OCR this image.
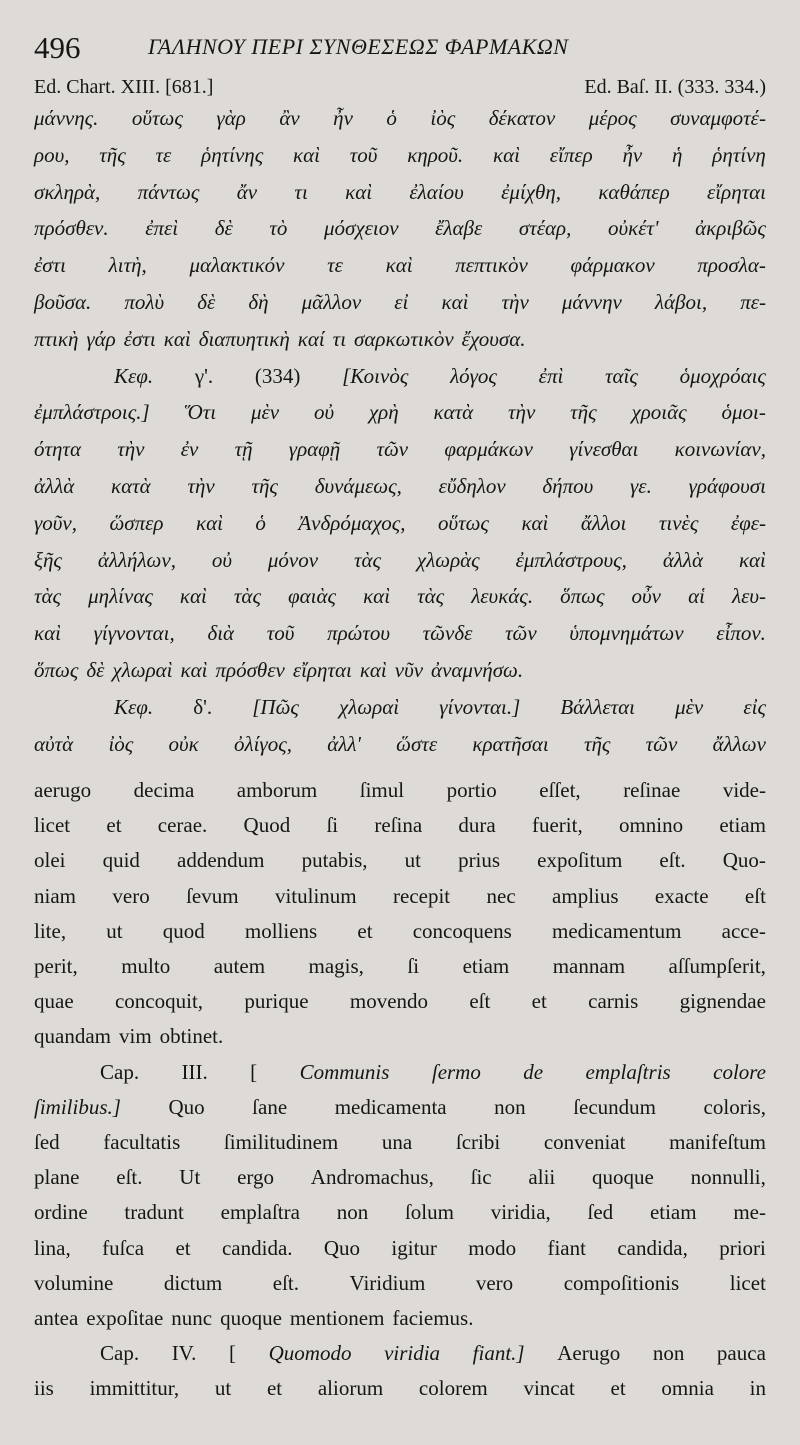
496	ΓΑΛΗΝΟΥ ΠΕΡΙ ΣΥΝΘΕΣΕΩΣ ΦΑΡΜΑΚΩΝ
Ed. Chart. XIII. [681.]	Ed. Baſ. II. (333. 334.)
μάννης. οὕτως γὰρ ἂν ἦν ὁ ἰὸς δέκατον μέρος συναμφοτέ-
ρου, τῆς τε ῥητίνης καὶ τοῦ κηροῦ. καὶ εἴπερ ἦν ἡ ῥητίνη
σκληρὰ, πάντως ἄν τι καὶ ἐλαίου ἐμίχθη, καθάπερ εἴρηται
πρόσθεν. ἐπεὶ δὲ τὸ μόσχειον ἔλαβε στέαρ, οὐκέτ' ἀκριβῶς
ἐστι λιτὴ, μαλακτικόν τε καὶ πεπτικὸν φάρμακον προσλα-
βοῦσα. πολὺ δὲ δὴ μᾶλλον εἰ καὶ τὴν μάννην λάβοι, πε-
πτικὴ γάρ ἐστι καὶ διαπυητικὴ καί τι σαρκωτικὸν ἔχουσα.
Κεφ. γ'. (334) [Κοινὸς λόγος ἐπὶ ταῖς ὁμοχρόαις
ἐμπλάστροις.] Ὅτι μὲν οὐ χρὴ κατὰ τὴν τῆς χροιᾶς ὁμοι-
ότητα τὴν ἐν τῇ γραφῇ τῶν φαρμάκων γίνεσθαι κοινωνίαν,
ἀλλὰ κατὰ τὴν τῆς δυνάμεως, εὔδηλον δήπου γε. γράφουσι
γοῦν, ὥσπερ καὶ ὁ Ἀνδρόμαχος, οὕτως καὶ ἄλλοι τινὲς ἐφε-
ξῆς ἀλλήλων, οὐ μόνον τὰς χλωρὰς ἐμπλάστρους, ἀλλὰ καὶ
τὰς μηλίνας καὶ τὰς φαιὰς καὶ τὰς λευκάς. ὅπως οὖν αἱ λευ-
καὶ γίγνονται, διὰ τοῦ πρώτου τῶνδε τῶν ὑπομνημάτων εἶπον.
ὅπως δὲ χλωραὶ καὶ πρόσθεν εἴρηται καὶ νῦν ἀναμνήσω.
Κεφ. δ'. [Πῶς χλωραὶ γίνονται.] Βάλλεται μὲν εἰς
αὐτὰ ἰὸς οὐκ ὀλίγος, ἀλλ' ὥστε κρατῆσαι τῆς τῶν ἄλλων
aerugo decima amborum ſimul portio eſſet, reſinae vide-
licet et cerae. Quod ſi reſina dura fuerit, omnino etiam
olei quid addendum putabis, ut prius expoſitum eſt. Quo-
niam vero ſevum vitulinum recepit nec amplius exacte eſt
lite, ut quod molliens et concoquens medicamentum acce-
perit, multo autem magis, ſi etiam mannam aſſumpſerit,
quae concoquit, purique movendo eſt et carnis gignendae
quandam vim obtinet.
Cap. III. [ Communis ſermo de emplaſtris colore
ſimilibus.] Quo ſane medicamenta non ſecundum coloris,
ſed facultatis ſimilitudinem una ſcribi conveniat manifeſtum
plane eſt. Ut ergo Andromachus, ſic alii quoque nonnulli,
ordine tradunt emplaſtra non ſolum viridia, ſed etiam me-
lina, fuſca et candida. Quo igitur modo fiant candida, priori
volumine dictum eſt. Viridium vero compoſitionis licet
antea expoſitae nunc quoque mentionem faciemus.
Cap. IV. [ Quomodo viridia fiant.] Aerugo non pauca
iis immittitur, ut et aliorum colorem vincat et omnia in
